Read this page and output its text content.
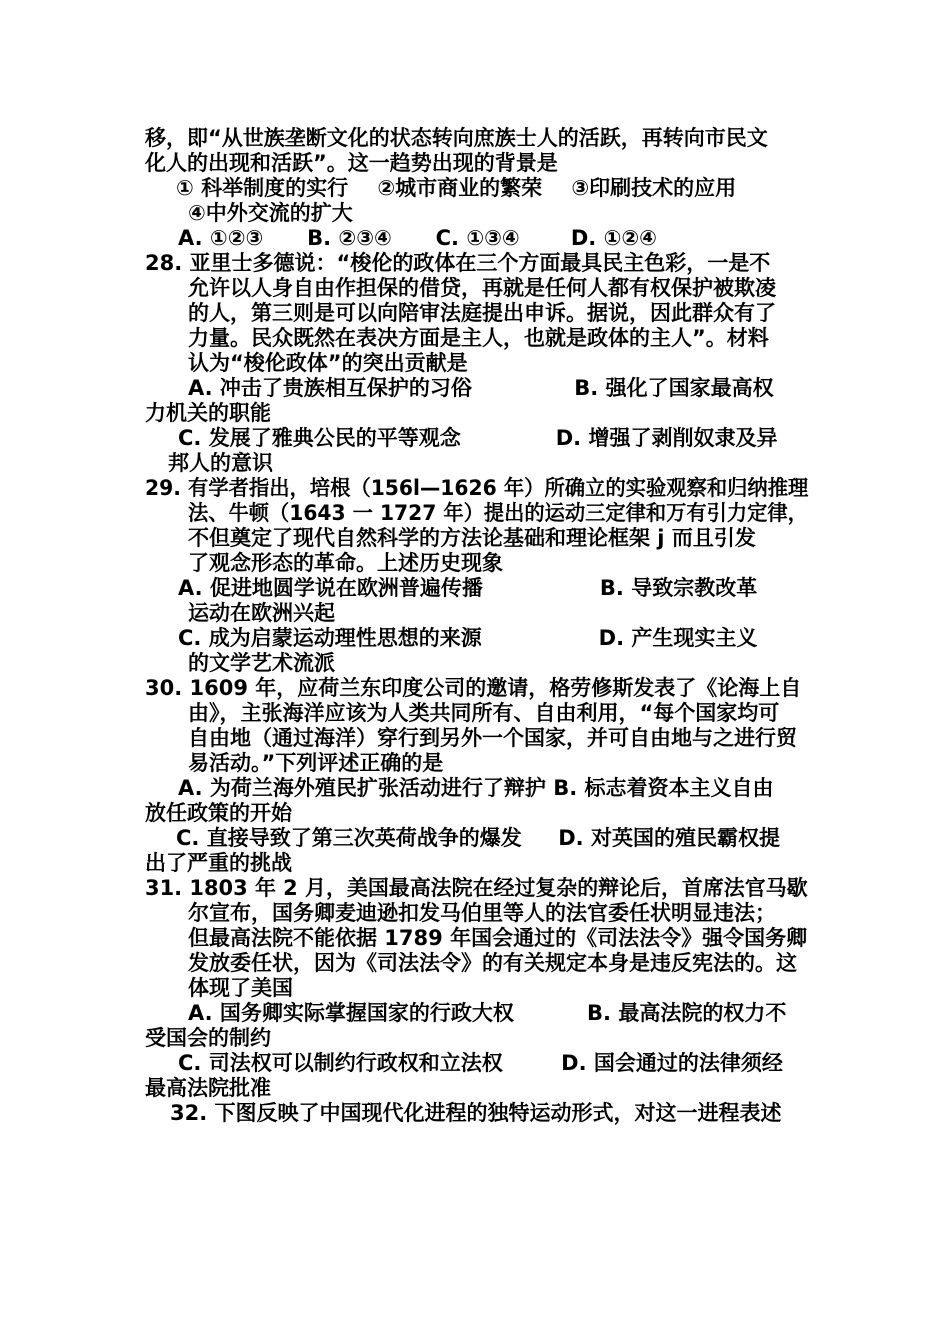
移，即“从世族垄断文化的状态转向庶族士人的活跃，再转向市民文
化人的出现和活跃”。这一趋势出现的背景是
① 科举制度的实行    ②城市商业的繁荣    ③印刷技术的应用
④中外交流的扩大
A. ①②③      B. ②③④      C. ①③④       D. ①②④
28. 亚里士多德说：“梭伦的政体在三个方面最具民主色彩，一是不
允许以人身自由作担保的借贷，再就是任何人都有权保护被欺凌
的人，第三则是可以向陪审法庭提出申诉。据说，因此群众有了
力量。民众既然在表决方面是主人，也就是政体的主人”。材料
认为“梭伦政体”的突出贡献是
A. 冲击了贵族相互保护的习俗              B. 强化了国家最高权
力机关的职能
C. 发展了雅典公民的平等观念             D. 增强了剥削奴隶及异
邦人的意识
29. 有学者指出，培根（156l—1626 年）所确立的实验观察和归纳推理
法、牛顿（1643 一 1727 年）提出的运动三定律和万有引力定律，
不但奠定了现代自然科学的方法论基础和理论框架 j 而且引发
了观念形态的革命。上述历史现象
A. 促进地圆学说在欧洲普遍传播                B. 导致宗教改革
运动在欧洲兴起
C. 成为启蒙运动理性思想的来源                D. 产生现实主义
的文学艺术流派
30. 1609 年，应荷兰东印度公司的邀请，格劳修斯发表了《论海上自
由》，主张海洋应该为人类共同所有、自由利用，“每个国家均可
自由地（通过海洋）穿行到另外一个国家，并可自由地与之进行贸
易活动。”下列评述正确的是
A. 为荷兰海外殖民扩张活动进行了辩护 B. 标志着资本主义自由
放任政策的开始
C. 直接导致了第三次英荷战争的爆发     D. 对英国的殖民霸权提
出了严重的挑战
31. 1803 年 2 月，美国最高法院在经过复杂的辩论后，首席法官马歇
尔宣布，国务卿麦迪逊扣发马伯里等人的法官委任状明显违法；
但最高法院不能依据 1789 年国会通过的《司法法令》强令国务卿
发放委任状，因为《司法法令》的有关规定本身是违反宪法的。这
体现了美国
A. 国务卿实际掌握国家的行政大权          B. 最高法院的权力不
受国会的制约
C. 司法权可以制约行政权和立法权        D. 国会通过的法律须经
最高法院批准
32. 下图反映了中国现代化进程的独特运动形式，对这一进程表述
